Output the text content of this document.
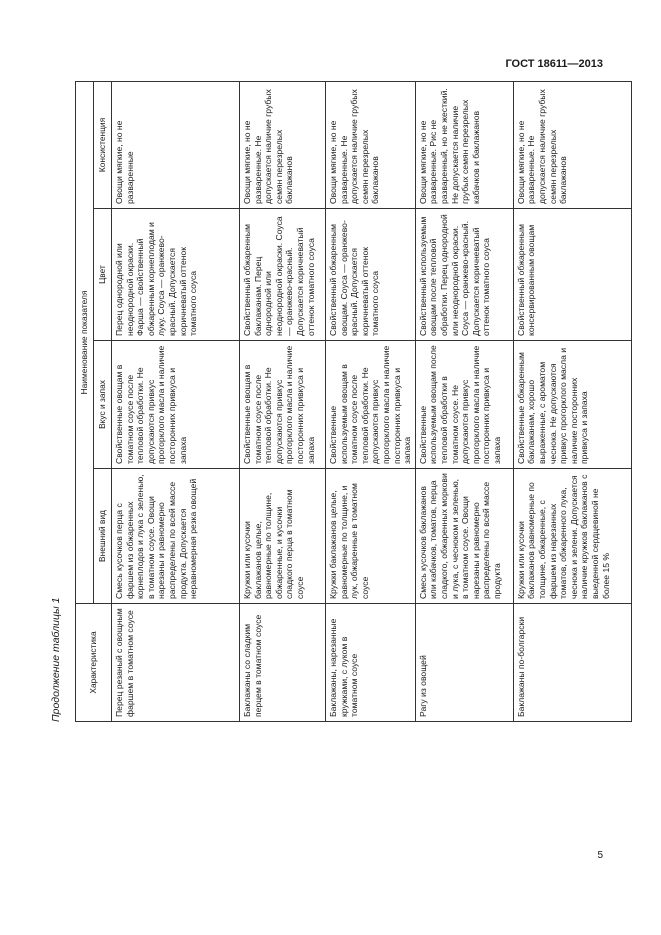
ГОСТ 18611—2013
Продолжение таблицы 1	Характеристика	Наименование показателя			
	Внешний вид	Вкус и запах	Цвет	Консистенция
Перец резаный с овощным фаршем в томатном соусе	Смесь кусочков перца с фаршем из обжаренных корнеплодов и лука с зеленью, в томатном соусе. Овощи нарезаны и равномерно распределены по всей массе продукта. Допускается неравномерная резка овощей	Свойственные овощам в томатном соусе после тепловой обработки. Не допускаются привкус прогорклого масла и наличие посторонних привкуса и запаха	Перец однородной или неоднородной окраски. Фарша — свойственный обжаренным корнеплодам и луку. Соуса — оранжево-красный. Допускается коричневатый оттенок томатного соуса	Овощи мягкие, но не разваренные
Баклажаны со сладким перцем в томатном соусе	Кружки или кусочки баклажанов целые, равномерные по толщине, обжаренные, и кусочки сладкого перца в томатном соусе	Свойственные овощам в томатном соусе после тепловой обработки. Не допускаются привкус прогорклого масла и наличие посторонних привкуса и запаха	Свойственный обжаренным баклажанам. Перец однородной или неоднородной окраски. Соуса — оранжево-красный. Допускается коричневатый оттенок томатного соуса	Овощи мягкие, но не разваренные. Не допускается наличие грубых семян перезрелых баклажанов
Баклажаны, нарезанные кружками, с луком в томатном соусе	Кружки баклажанов целые, равномерные по толщине, и лук, обжаренные в томатном соусе	Свойственные используемым овощам в томатном соусе после тепловой обработки. Не допускаются привкус прогорклого масла и наличие посторонних привкуса и запаха	Свойственный обжаренным овощам. Соуса — оранжево-красный. Допускается коричневатый оттенок томатного соуса	Овощи мягкие, но не разваренные. Не допускается наличие грубых семян перезрелых баклажанов
Рагу из овощей	Смесь кусочков баклажанов или кабачков, томатов, перца сладкого, обжаренных моркови и лука, с чесноком и зеленью, в томатном соусе. Овощи нарезаны и равномерно распределены по всей массе продукта	Свойственные используемым овощам после тепловой обработки в томатном соусе. Не допускаются привкус прогорклого масла и наличие посторонних привкуса и запаха	Свойственный используемым овощам после тепловой обработки. Перец однородной или неоднородной окраски. Соуса — оранжево-красный. Допускается коричневатый оттенок томатного соуса	Овощи мягкие, но не разваренные. Рис не разваренный, но не жесткий. Не допускается наличие грубых семян перезрелых кабачков и баклажанов
Баклажаны по-болгарски	Кружки или кусочки баклажанов равномерные по толщине, обжаренные, с фаршем из нарезанных томатов, обжаренного лука, чеснока и зелени. Допускается наличие кружков баклажанов с выеденной сердцевиной не более 15 %	Свойственные обжаренным баклажанам, хорошо выраженные, с ароматом чеснока. Не допускаются привкус прогорклого масла и наличие посторонних привкуса и запаха	Свойственный обжаренным консервированным овощам	Овощи мягкие, но не разваренные. Не допускается наличие грубых семян перезрелых баклажанов
5
